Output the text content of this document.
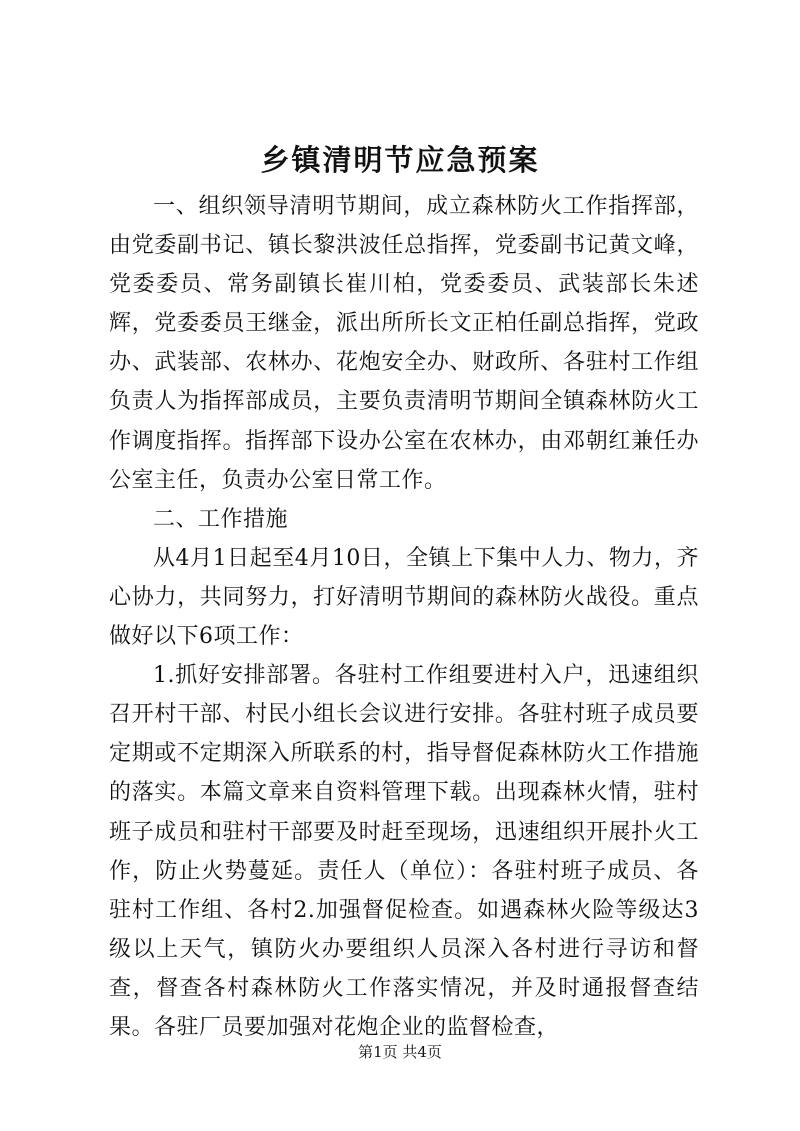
乡镇清明节应急预案

一、组织领导清明节期间，成立森林防火工作指挥部，由党委副书记、镇长黎洪波任总指挥，党委副书记黄文峰，党委委员、常务副镇长崔川柏，党委委员、武装部长朱述辉，党委委员王继金，派出所所长文正柏任副总指挥，党政办、武装部、农林办、花炮安全办、财政所、各驻村工作组负责人为指挥部成员，主要负责清明节期间全镇森林防火工作调度指挥。指挥部下设办公室在农林办，由邓朝红兼任办公室主任，负责办公室日常工作。

二、工作措施

从4月1日起至4月10日，全镇上下集中人力、物力，齐心协力，共同努力，打好清明节期间的森林防火战役。重点做好以下6项工作：

1.抓好安排部署。各驻村工作组要进村入户，迅速组织召开村干部、村民小组长会议进行安排。各驻村班子成员要定期或不定期深入所联系的村，指导督促森林防火工作措施的落实。本篇文章来自资料管理下载。出现森林火情，驻村班子成员和驻村干部要及时赶至现场，迅速组织开展扑火工作，防止火势蔓延。责任人（单位）：各驻村班子成员、各驻村工作组、各村2.加强督促检查。如遇森林火险等级达3级以上天气，镇防火办要组织人员深入各村进行寻访和督查，督查各村森林防火工作落实情况，并及时通报督查结果。各驻厂员要加强对花炮企业的监督检查，

第1页 共4页
